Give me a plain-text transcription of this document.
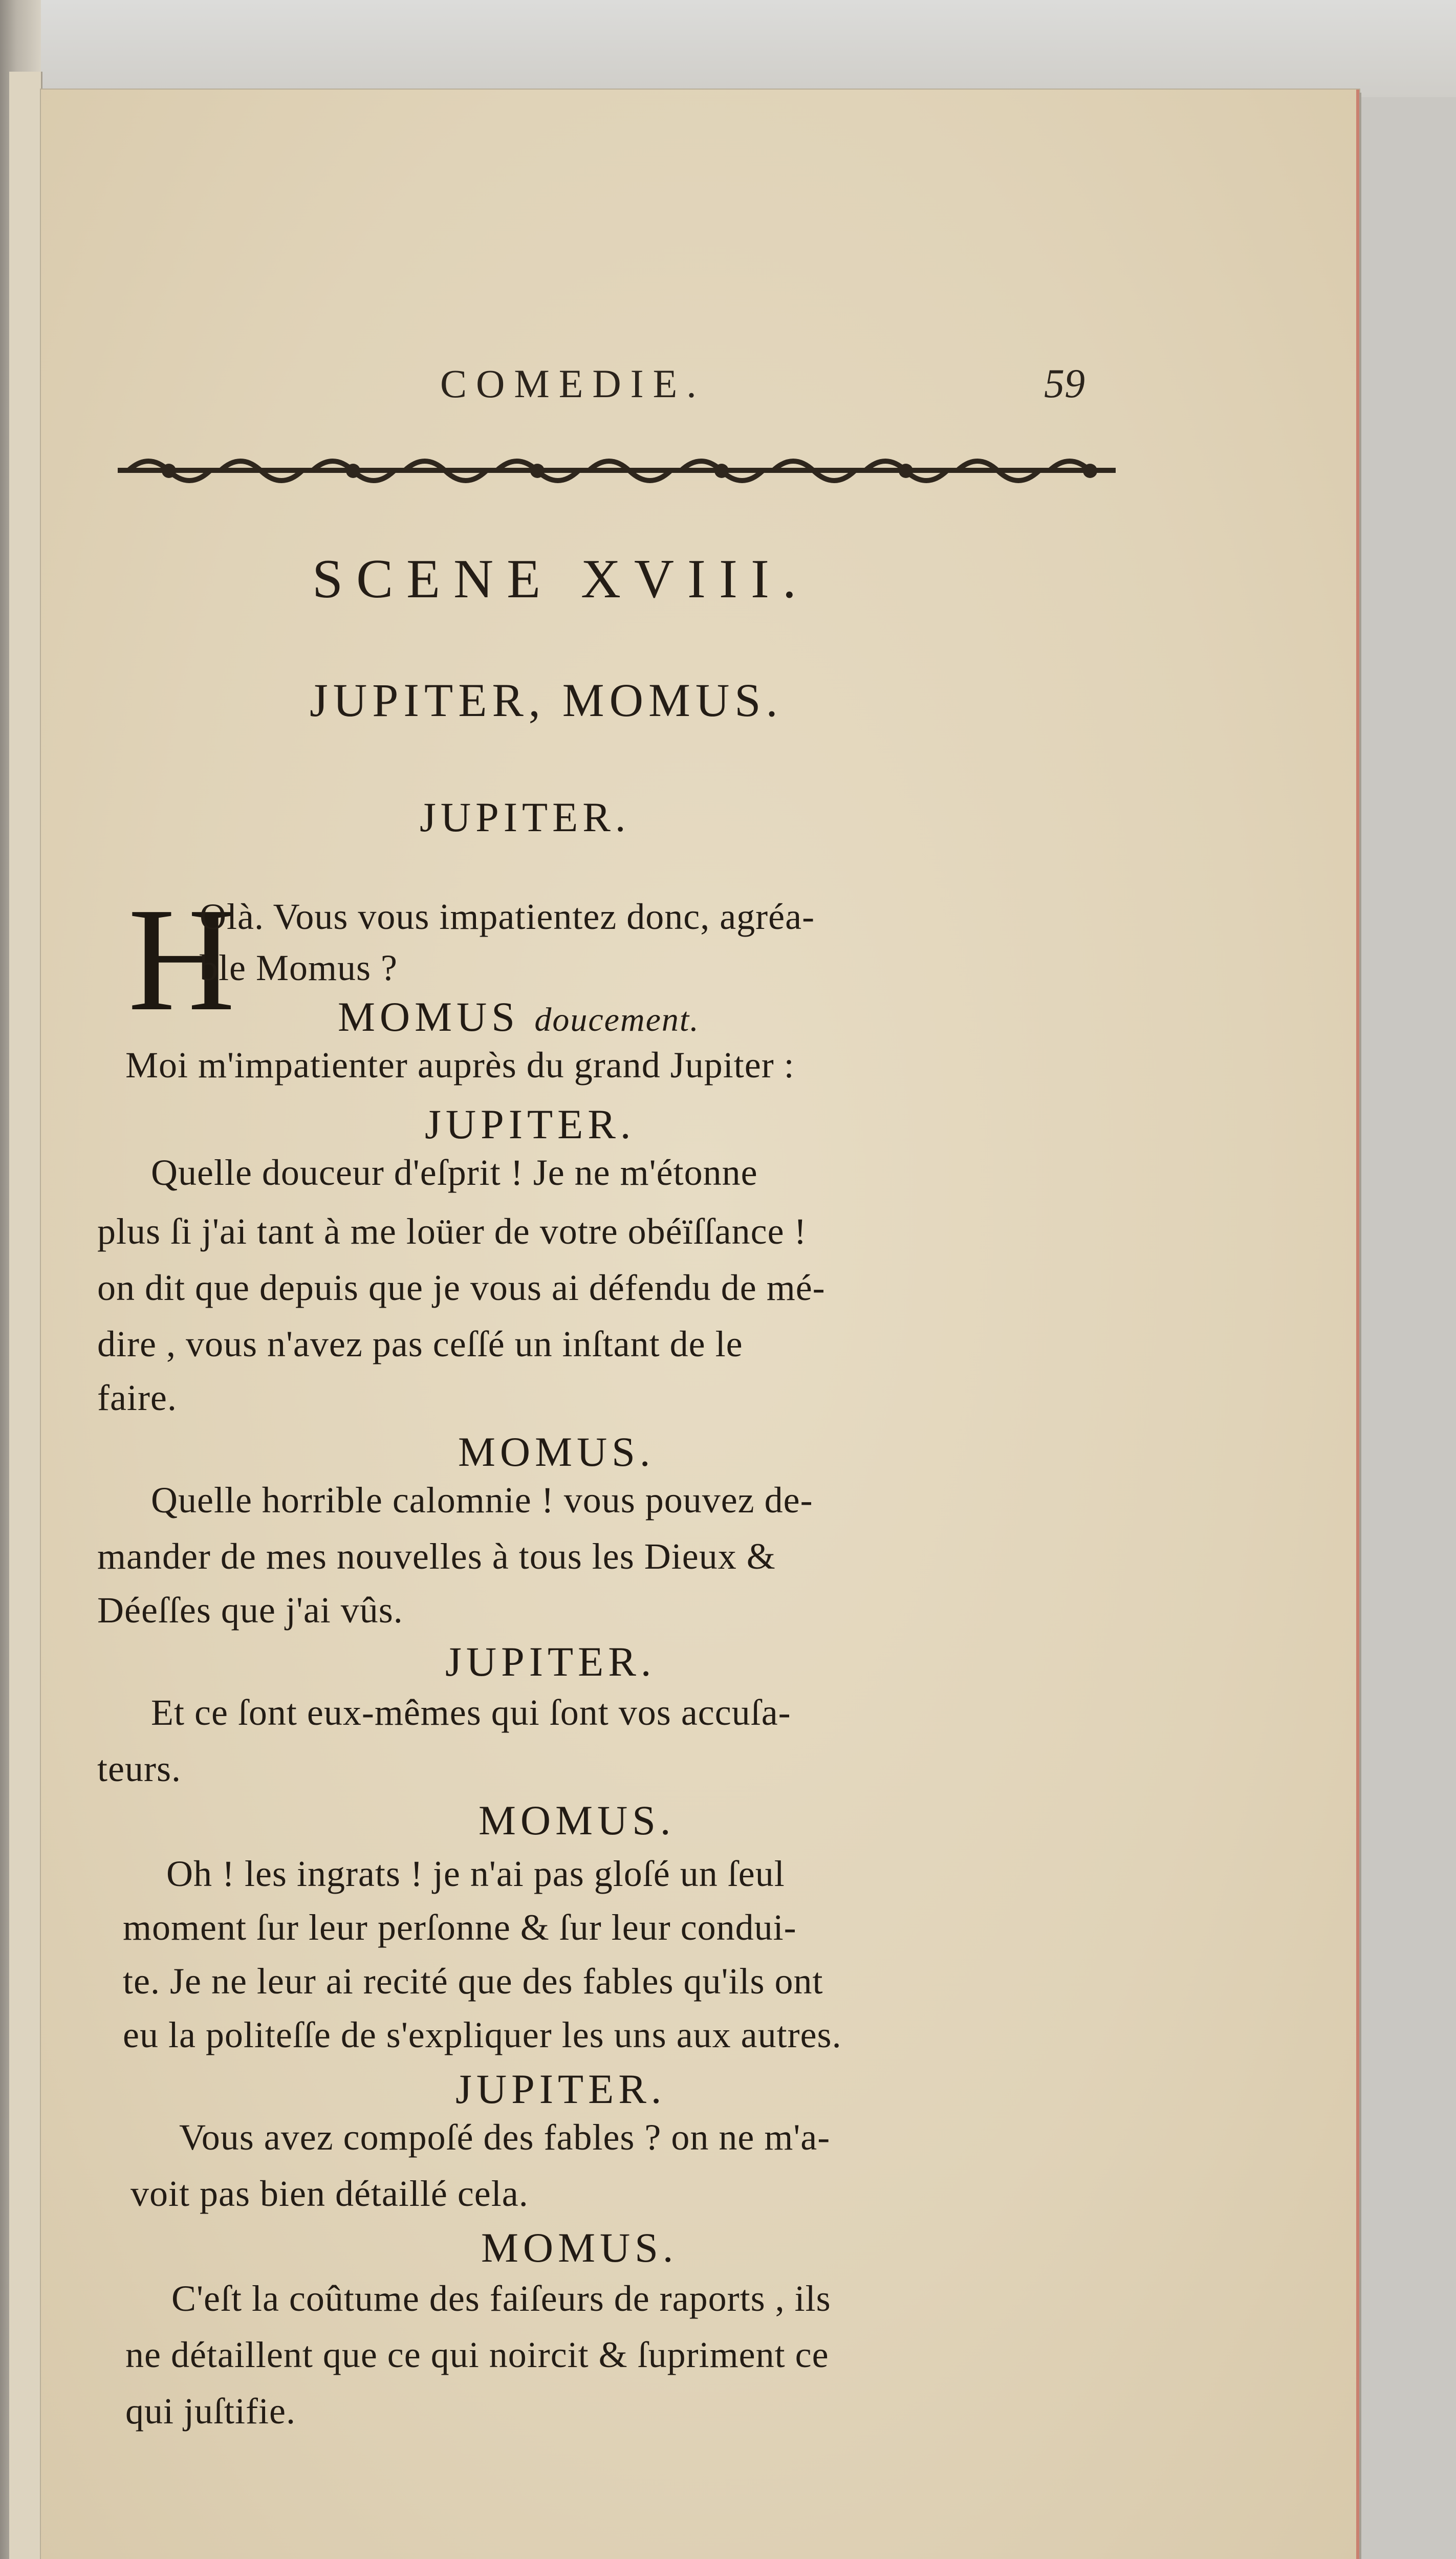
COMEDIE.	59
SCENE XVIII.
JUPITER, MOMUS.
JUPITER.
H
Olà. Vous vous impatientez donc, agréa-
ble Momus ?
MOMUS doucement.
Moi m'impatienter auprès du grand Jupiter :
JUPITER.
Quelle douceur d'eſprit ! Je ne m'étonne
plus ſi j'ai tant à me loüer de votre obéïſſance !
on dit que depuis que je vous ai défendu de mé-
dire , vous n'avez pas ceſſé un inſtant de le
faire.
MOMUS.
Quelle horrible calomnie ! vous pouvez de-
mander de mes nouvelles à tous les Dieux &
Déeſſes que j'ai vûs.
JUPITER.
Et ce ſont eux-mêmes qui ſont vos accuſa-
teurs.
MOMUS.
Oh ! les ingrats ! je n'ai pas gloſé un ſeul
moment ſur leur perſonne & ſur leur condui-
te. Je ne leur ai recité que des fables qu'ils ont
eu la politeſſe de s'expliquer les uns aux autres.
JUPITER.
Vous avez compoſé des fables ? on ne m'a-
voit pas bien détaillé cela.
MOMUS.
C'eſt la coûtume des faiſeurs de raports , ils
ne détaillent que ce qui noircit & ſupriment ce
qui juſtifie.
